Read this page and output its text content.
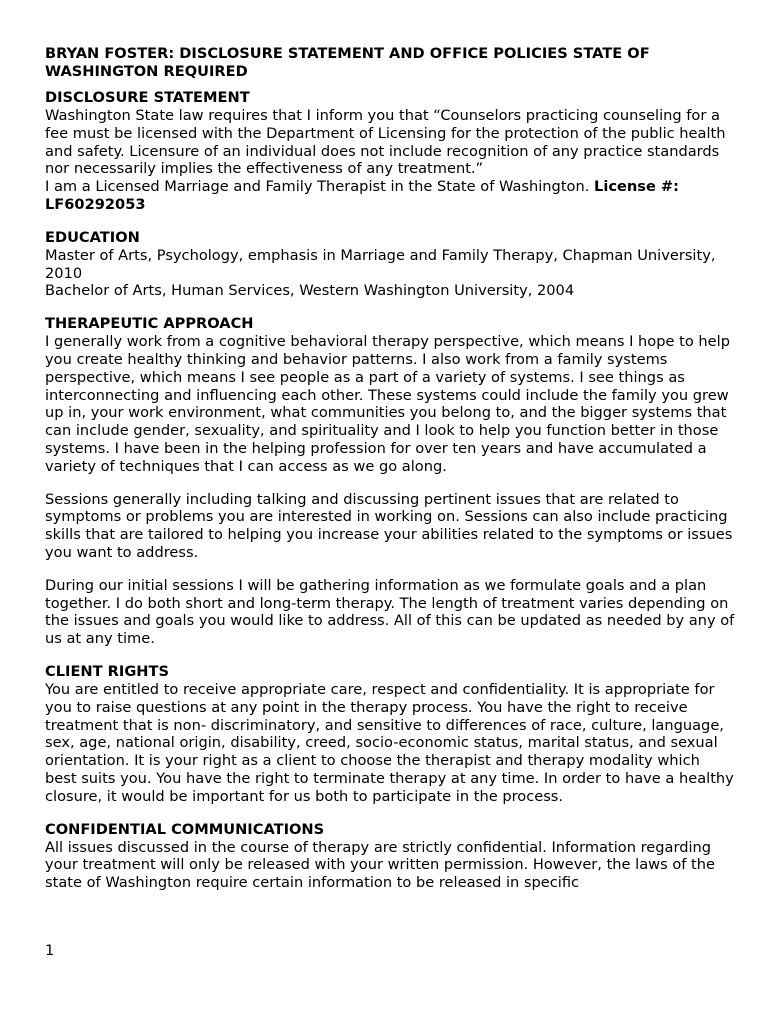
BRYAN FOSTER: DISCLOSURE STATEMENT AND OFFICE POLICIES STATE OF WASHINGTON REQUIRED
DISCLOSURE STATEMENT

Washington State law requires that I inform you that “Counselors practicing counseling for a fee must be licensed with the Department of Licensing for the protection of the public health and safety. Licensure of an individual does not include recognition of any practice standards nor necessarily implies the effectiveness of any treatment.”

I am a Licensed Marriage and Family Therapist in the State of Washington. License #: LF60292053

EDUCATION

Master of Arts, Psychology, emphasis in Marriage and Family Therapy, Chapman University, 2010

Bachelor of Arts, Human Services, Western Washington University, 2004

THERAPEUTIC APPROACH

I generally work from a cognitive behavioral therapy perspective, which means I hope to help you create healthy thinking and behavior patterns. I also work from a family systems perspective, which means I see people as a part of a variety of systems. I see things as interconnecting and influencing each other. These systems could include the family you grew up in, your work environment, what communities you belong to, and the bigger systems that can include gender, sexuality, and spirituality and I look to help you function better in those systems. I have been in the helping profession for over ten years and have accumulated a variety of techniques that I can access as we go along.

Sessions generally including talking and discussing pertinent issues that are related to symptoms or problems you are interested in working on. Sessions can also include practicing skills that are tailored to helping you increase your abilities related to the symptoms or issues you want to address.

During our initial sessions I will be gathering information as we formulate goals and a plan together. I do both short and long-term therapy. The length of treatment varies depending on the issues and goals you would like to address. All of this can be updated as needed by any of us at any time.

CLIENT RIGHTS

You are entitled to receive appropriate care, respect and confidentiality. It is appropriate for you to raise questions at any point in the therapy process. You have the right to receive treatment that is non- discriminatory, and sensitive to differences of race, culture, language, sex, age, national origin, disability, creed, socio-economic status, marital status, and sexual orientation. It is your right as a client to choose the therapist and therapy modality which best suits you. You have the right to terminate therapy at any time. In order to have a healthy closure, it would be important for us both to participate in the process.

CONFIDENTIAL COMMUNICATIONS

All issues discussed in the course of therapy are strictly confidential. Information regarding your treatment will only be released with your written permission. However, the laws of the state of Washington require certain information to be released in specific

1
